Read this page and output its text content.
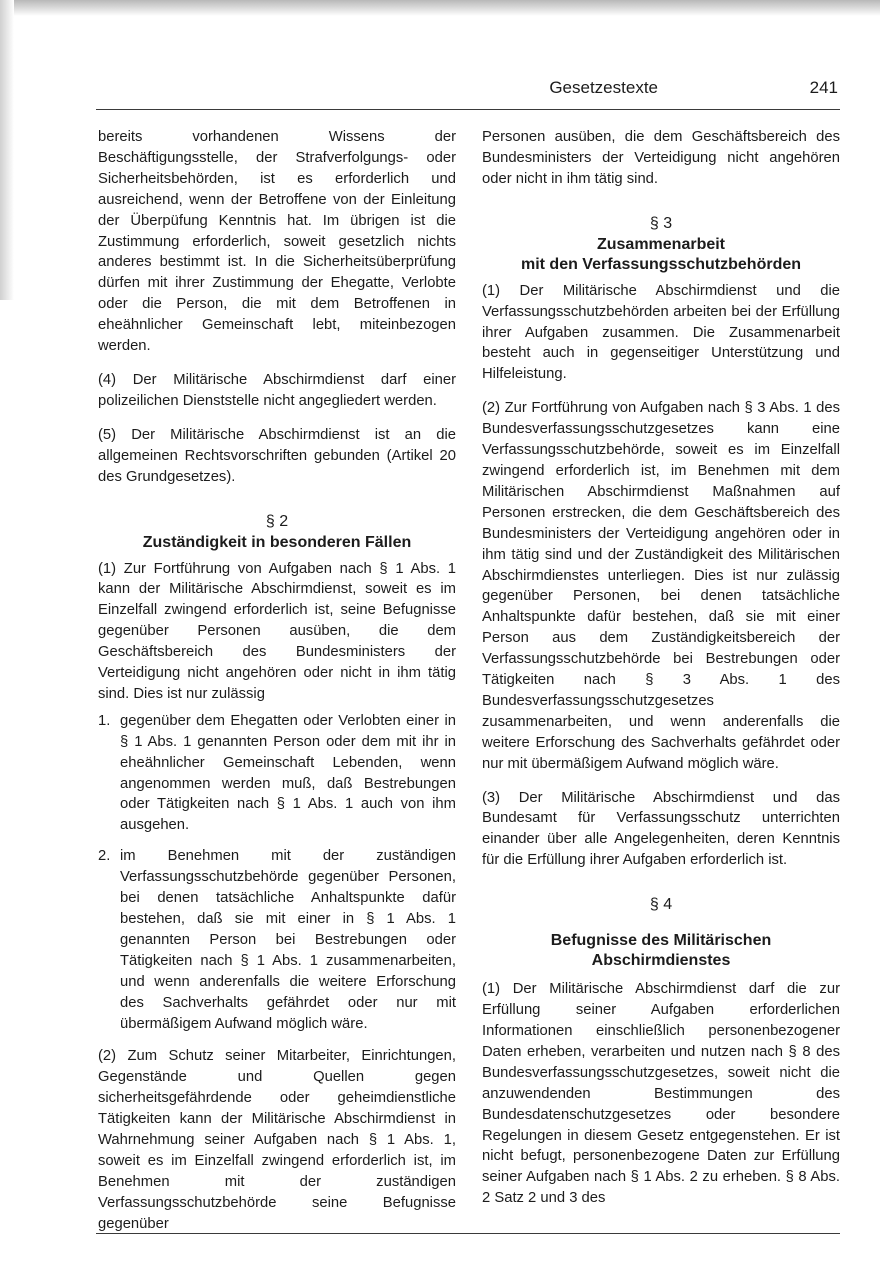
Gesetzestexte	241

bereits vorhandenen Wissens der Beschäftigungsstelle, der Strafverfolgungs- oder Sicherheitsbehörden, ist es erforderlich und ausreichend, wenn der Betroffene von der Einleitung der Überpüfung Kenntnis hat. Im übrigen ist die Zustimmung erforderlich, soweit gesetzlich nichts anderes bestimmt ist. In die Sicherheitsüberprüfung dürfen mit ihrer Zustimmung der Ehegatte, Verlobte oder die Person, die mit dem Betroffenen in eheähnlicher Gemeinschaft lebt, miteinbezogen werden.

(4) Der Militärische Abschirmdienst darf einer polizeilichen Dienststelle nicht angegliedert werden.

(5) Der Militärische Abschirmdienst ist an die allgemeinen Rechtsvorschriften gebunden (Artikel 20 des Grundgesetzes).

§ 2
Zuständigkeit in besonderen Fällen

(1) Zur Fortführung von Aufgaben nach § 1 Abs. 1 kann der Militärische Abschirmdienst, soweit es im Einzelfall zwingend erforderlich ist, seine Befugnisse gegenüber Personen ausüben, die dem Geschäftsbereich des Bundesministers der Verteidigung nicht angehören oder nicht in ihm tätig sind. Dies ist nur zulässig

1. gegenüber dem Ehegatten oder Verlobten einer in § 1 Abs. 1 genannten Person oder dem mit ihr in eheähnlicher Gemeinschaft Lebenden, wenn angenommen werden muß, daß Bestrebungen oder Tätigkeiten nach § 1 Abs. 1 auch von ihm ausgehen.
2. im Benehmen mit der zuständigen Verfassungsschutzbehörde gegenüber Personen, bei denen tatsächliche Anhaltspunkte dafür bestehen, daß sie mit einer in § 1 Abs. 1 genannten Person bei Bestrebungen oder Tätigkeiten nach § 1 Abs. 1 zusammenarbeiten, und wenn anderenfalls die weitere Erforschung des Sachverhalts gefährdet oder nur mit übermäßigem Aufwand möglich wäre.

(2) Zum Schutz seiner Mitarbeiter, Einrichtungen, Gegenstände und Quellen gegen sicherheitsgefährdende oder geheimdienstliche Tätigkeiten kann der Militärische Abschirmdienst in Wahrnehmung seiner Aufgaben nach § 1 Abs. 1, soweit es im Einzelfall zwingend erforderlich ist, im Benehmen mit der zuständigen Verfassungsschutzbehörde seine Befugnisse gegenüber

Personen ausüben, die dem Geschäftsbereich des Bundesministers der Verteidigung nicht angehören oder nicht in ihm tätig sind.

§ 3
Zusammenarbeit
mit den Verfassungsschutzbehörden

(1) Der Militärische Abschirmdienst und die Verfassungsschutzbehörden arbeiten bei der Erfüllung ihrer Aufgaben zusammen. Die Zusammenarbeit besteht auch in gegenseitiger Unterstützung und Hilfeleistung.

(2) Zur Fortführung von Aufgaben nach § 3 Abs. 1 des Bundesverfassungsschutzgesetzes kann eine Verfassungsschutzbehörde, soweit es im Einzelfall zwingend erforderlich ist, im Benehmen mit dem Militärischen Abschirmdienst Maßnahmen auf Personen erstrecken, die dem Geschäftsbereich des Bundesministers der Verteidigung angehören oder in ihm tätig sind und der Zuständigkeit des Militärischen Abschirmdienstes unterliegen. Dies ist nur zulässig gegenüber Personen, bei denen tatsächliche Anhaltspunkte dafür bestehen, daß sie mit einer Person aus dem Zuständigkeitsbereich der Verfassungsschutzbehörde bei Bestrebungen oder Tätigkeiten nach § 3 Abs. 1 des Bundesverfassungsschutzgesetzes zusammenarbeiten, und wenn anderenfalls die weitere Erforschung des Sachverhalts gefährdet oder nur mit übermäßigem Aufwand möglich wäre.

(3) Der Militärische Abschirmdienst und das Bundesamt für Verfassungsschutz unterrichten einander über alle Angelegenheiten, deren Kenntnis für die Erfüllung ihrer Aufgaben erforderlich ist.

§ 4
Befugnisse des Militärischen
Abschirmdienstes

(1) Der Militärische Abschirmdienst darf die zur Erfüllung seiner Aufgaben erforderlichen Informationen einschließlich personenbezogener Daten erheben, verarbeiten und nutzen nach § 8 des Bundesverfassungsschutzgesetzes, soweit nicht die anzuwendenden Bestimmungen des Bundesdatenschutzgesetzes oder besondere Regelungen in diesem Gesetz entgegenstehen. Er ist nicht befugt, personenbezogene Daten zur Erfüllung seiner Aufgaben nach § 1 Abs. 2 zu erheben. § 8 Abs. 2 Satz 2 und 3 des
